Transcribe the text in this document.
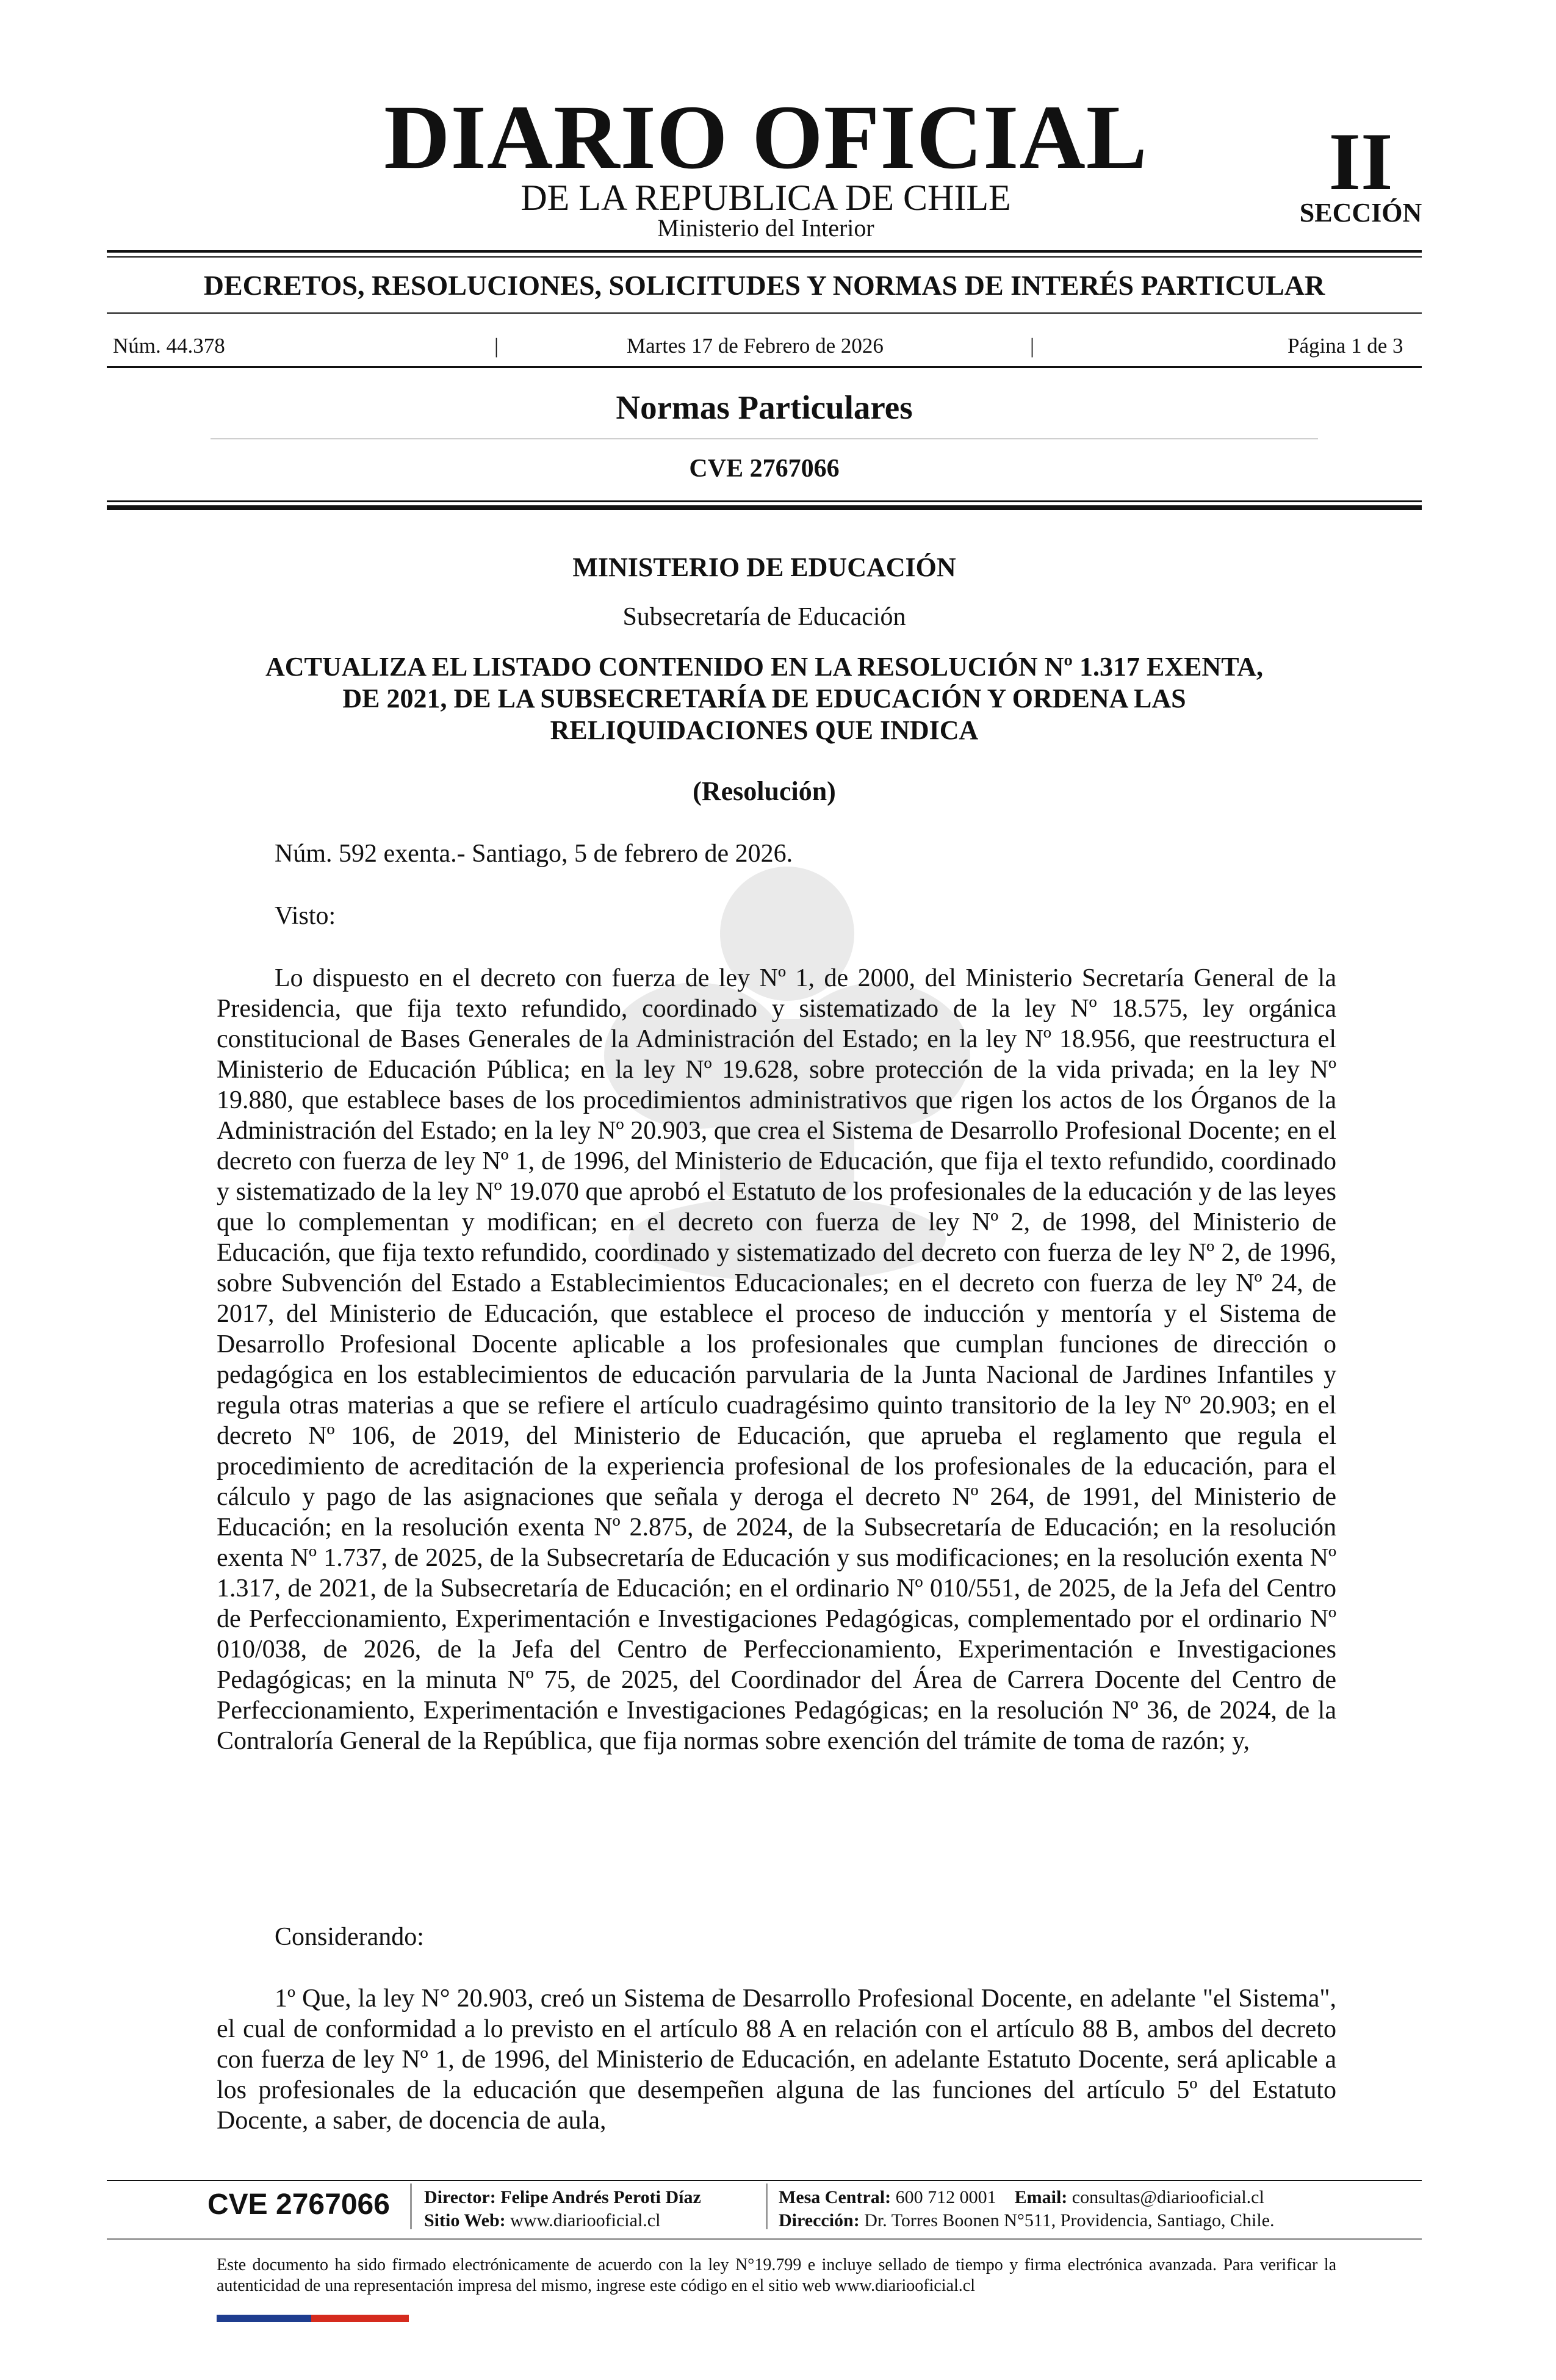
DIARIO OFICIAL
DE LA REPUBLICA DE CHILE
Ministerio del Interior
II
SECCIÓN
DECRETOS, RESOLUCIONES, SOLICITUDES Y NORMAS DE INTERÉS PARTICULAR
Núm. 44.378	|	Martes 17 de Febrero de 2026	|	Página 1 de 3
Normas Particulares
CVE 2767066
MINISTERIO DE EDUCACIÓN
Subsecretaría de Educación
ACTUALIZA EL LISTADO CONTENIDO EN LA RESOLUCIÓN Nº 1.317 EXENTA,
DE 2021, DE LA SUBSECRETARÍA DE EDUCACIÓN Y ORDENA LAS
RELIQUIDACIONES QUE INDICA
(Resolución)
Núm. 592 exenta.- Santiago, 5 de febrero de 2026.
Visto:
Lo dispuesto en el decreto con fuerza de ley Nº 1, de 2000, del Ministerio Secretaría General de la Presidencia, que fija texto refundido, coordinado y sistematizado de la ley Nº 18.575, ley orgánica constitucional de Bases Generales de la Administración del Estado; en la ley Nº 18.956, que reestructura el Ministerio de Educación Pública; en la ley Nº 19.628, sobre protección de la vida privada; en la ley Nº 19.880, que establece bases de los procedimientos administrativos que rigen los actos de los Órganos de la Administración del Estado; en la ley Nº 20.903, que crea el Sistema de Desarrollo Profesional Docente; en el decreto con fuerza de ley Nº 1, de 1996, del Ministerio de Educación, que fija el texto refundido, coordinado y sistematizado de la ley Nº 19.070 que aprobó el Estatuto de los profesionales de la educación y de las leyes que lo complementan y modifican; en el decreto con fuerza de ley Nº 2, de 1998, del Ministerio de Educación, que fija texto refundido, coordinado y sistematizado del decreto con fuerza de ley Nº 2, de 1996, sobre Subvención del Estado a Establecimientos Educacionales; en el decreto con fuerza de ley Nº 24, de 2017, del Ministerio de Educación, que establece el proceso de inducción y mentoría y el Sistema de Desarrollo Profesional Docente aplicable a los profesionales que cumplan funciones de dirección o pedagógica en los establecimientos de educación parvularia de la Junta Nacional de Jardines Infantiles y regula otras materias a que se refiere el artículo cuadragésimo quinto transitorio de la ley Nº 20.903; en el decreto Nº 106, de 2019, del Ministerio de Educación, que aprueba el reglamento que regula el procedimiento de acreditación de la experiencia profesional de los profesionales de la educación, para el cálculo y pago de las asignaciones que señala y deroga el decreto Nº 264, de 1991, del Ministerio de Educación; en la resolución exenta Nº 2.875, de 2024, de la Subsecretaría de Educación; en la resolución exenta Nº 1.737, de 2025, de la Subsecretaría de Educación y sus modificaciones; en la resolución exenta Nº 1.317, de 2021, de la Subsecretaría de Educación; en el ordinario Nº 010/551, de 2025, de la Jefa del Centro de Perfeccionamiento, Experimentación e Investigaciones Pedagógicas, complementado por el ordinario Nº 010/038, de 2026, de la Jefa del Centro de Perfeccionamiento, Experimentación e Investigaciones Pedagógicas; en la minuta Nº 75, de 2025, del Coordinador del Área de Carrera Docente del Centro de Perfeccionamiento, Experimentación e Investigaciones Pedagógicas; en la resolución Nº 36, de 2024, de la Contraloría General de la República, que fija normas sobre exención del trámite de toma de razón; y,
Considerando:
1º Que, la ley N° 20.903, creó un Sistema de Desarrollo Profesional Docente, en adelante "el Sistema", el cual de conformidad a lo previsto en el artículo 88 A en relación con el artículo 88 B, ambos del decreto con fuerza de ley Nº 1, de 1996, del Ministerio de Educación, en adelante Estatuto Docente, será aplicable a los profesionales de la educación que desempeñen alguna de las funciones del artículo 5º del Estatuto Docente, a saber, de docencia de aula,
CVE 2767066	Director: Felipe Andrés Peroti Díaz
Sitio Web: www.diariooficial.cl
Mesa Central: 600 712 0001 Email: consultas@diariooficial.cl
Dirección: Dr. Torres Boonen N°511, Providencia, Santiago, Chile.
Este documento ha sido firmado electrónicamente de acuerdo con la ley N°19.799 e incluye sellado de tiempo y firma electrónica avanzada. Para verificar la autenticidad de una representación impresa del mismo, ingrese este código en el sitio web www.diariooficial.cl
